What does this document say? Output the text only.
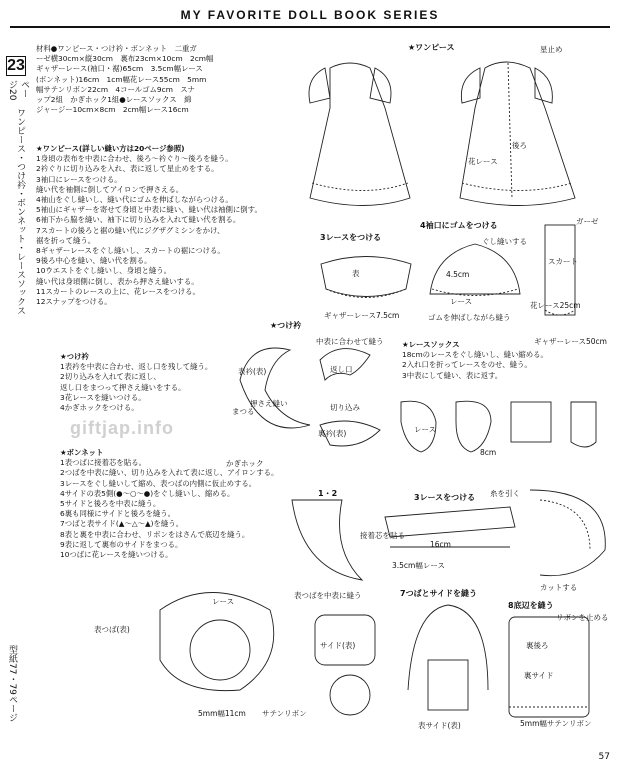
MY FAVORITE DOLL BOOK SERIES
23
ページ20
ワンピース・つけ衿・ボンネット・レースソックス
型紙77・79ページ

材料●ワンピース・つけ衿・ボンネット　二重ガ

ーゼ横30cm×縦30cm　裏布23cm×10cm　2cm幅

ギャザーレース(袖口・裾)65cm　3.5cm幅レース

(ボンネット)16cm　1cm幅花レース55cm　5mm

幅サテンリボン22cm　4コールゴム9cm　スナ

ップ2組　かぎホック1組●レースソックス　綿

ジャージー10cm×8cm　2cm幅レース16cm

★ワンピース(詳しい縫い方は20ページ参照)

1身頃の表布を中表に合わせ、後ろ〜衿ぐり〜後ろを縫う。

2衿ぐりに切り込みを入れ、表に返して星止めをする。

3袖口にレースをつける。

縫い代を袖側に倒してアイロンで押さえる。

4袖山をぐし縫いし、縫い代にゴムを伸ばしながらつける。

5袖山にギャザーを寄せて身頃と中表に縫い、縫い代は袖側に倒す。

6袖下から脇を縫い、袖下に切り込みを入れて縫い代を割る。

7スカートの後ろと裾の縫い代にジグザグミシンをかけ、

裾を折って縫う。

8ギャザーレースをぐし縫いし、スカートの裾につける。

9後ろ中心を縫い、縫い代を割る。

10ウエストをぐし縫いし、身頃と縫う。

縫い代は身頃側に倒し、表から押さえ縫いする。

11スカートのレースの上に、花レースをつける。

12スナップをつける。

★つけ衿

1表衿を中表に合わせ、返し口を残して縫う。

2切り込みを入れて表に返し、

返し口をまつって押さえ縫いをする。

3花レースを縫いつける。

4かぎホックをつける。

★ボンネット

1表つばに接着芯を貼る。

2つばを中表に縫い、切り込みを入れて表に返し、アイロンする。

3レースをぐし縫いして縮め、表つばの内側に仮止めする。

4サイドの表5側(●〜○〜●)をぐし縫いし、縮める。

5サイドと後ろを中表に縫う。

6裏も同様にサイドと後ろを縫う。

7つばと表サイド(▲〜△〜▲)を縫う。

8表と裏を中表に合わせ、リボンをはさんで底辺を縫う。

9表に返して裏布のサイドをまつる。

10つばに花レースを縫いつける。

★レースソックス

18cmのレースをぐし縫いし、縫い縮める。

2入れ口を折ってレースをのせ、縫う。

3中表にして縫い、表に返す。

giftjap.info
★ワンピース	星止め
後ろ
花レース
3レースをつける
ギャザーレース7.5cm
表
4袖口にゴムをつける
ぐし縫いする
4.5cm
レース
ゴムを伸ばしながら縫う
ガーゼ
スカート
花レース25cm
ギャザーレース50cm
★つけ衿
中表に合わせて縫う
返し口
押さえ縫い	切り込み
まつる
表衿(表)
裏衿(表)
かぎホック
レース
8cm
1・2
接着芯を貼る
表つばを中表に縫う
3レースをつける
16cm
3.5cm幅レース
糸を引く
カットする
レース
表つば(表)
5mm幅11cm サテンリボン
サイド(表)
7つばとサイドを縫う
表サイド(表)
8底辺を縫う
リボンを止める
裏後ろ
裏サイド
5mm幅サテンリボン
57
